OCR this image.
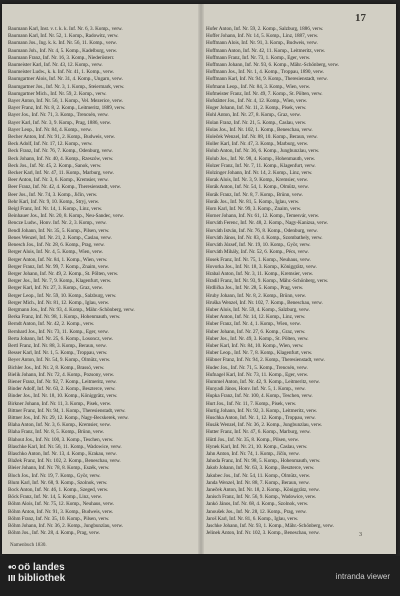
17
Baumann Karl, Inst. v. t. k. k. Inf. Nr. 6, 3. Komp., verw.
Baumann Karl, Inf. Nr. 52, 1. Komp., Radowitz, verw.
Baumann Jos., Ing. k. k. Inf. Nr. 56, 11. Komp., verw.
Baumann Joh., Inf. Nr. 4, 5. Komp., Kadelburg, verw.
Baumann Franz, Inf. Nr. 16, 3. Komp., Niederösterr.
Baumeister Karl, Inf. Nr. 43, 12. Komp., verw.
Baumeister Ludw., k. k. Inf. Nr. 41, 1. Komp., verw.
Baumgartner Alois, Inf. Nr. 31, 4. Komp., Ungarn, verw.
Baumgartner Jos., Inf. Nr. 3, 1. Komp., Steiermark, verw.
Baumgartner Mich., Inf. Nr. 59, 2. Komp., verw.
Bayer Anton, Inf. Nr. 56, 1. Komp., Vel. Mezerice, verw.
Bayer Franz, Inf. Nr. 8, 2. Komp., Leitmeritz, 1889, verw.
Bayer Jos., Inf. Nr. 71, 3. Komp., Trencsén, verw.
Bayer Karl, Inf. Nr. 3, 9. Komp., Prag, 1886, verw.
Bayer Leop., Inf. Nr. 84, 4. Komp., verw.
Becher Anton, Inf. Nr. 91, 2. Komp., Budweis, verw.
Beck Adolf, Inf. Nr. 17, 12. Komp., verw.
Beck Franz, Inf. Nr. 76, 7. Komp., Ödenburg, verw.
Beck Johann, Inf. Nr. 40, 4. Komp., Rzeszów, verw.
Beck Jos., Inf. Nr. 45, 2. Komp., Sanok, verw.
Becker Karl, Inf. Nr. 47, 11. Komp., Marburg, verw.
Beer Anton, Inf. Nr. 3, 6. Komp., Kremsier, verw.
Beer Franz, Inf. Nr. 42, 4. Komp., Theresienstadt, verw.
Beer Jos., Inf. Nr. 74, 3. Komp., Jičín, verw.
Behr Karl, Inf. Nr. 9, 10. Komp., Stryj, verw.
Beigl Franz, Inf. Nr. 14, 1. Komp., Linz, verw.
Beinhauer Jos., Inf. Nr. 20, 8. Komp., Neu-Sandec, verw.
Bencze Ludw., Honv. Inf. Nr. 2, 3. Komp., verw.
Bendl Johann, Inf. Nr. 35, 5. Komp., Pilsen, verw.
Benes Wenzel, Inf. Nr. 21, 2. Komp., Časlau, verw.
Benesch Jos., Inf. Nr. 28, 6. Komp., Prag, verw.
Berger Alois, Inf. Nr. 4, 5. Komp., Wien, verw.
Berger Anton, Inf. Nr. 84, 1. Komp., Wien, verw.
Berger Franz, Inf. Nr. 99, 7. Komp., Znaim, verw.
Berger Johann, Inf. Nr. 49, 2. Komp., St. Pölten, verw.
Berger Jos., Inf. Nr. 7, 9. Komp., Klagenfurt, verw.
Berger Karl, Inf. Nr. 27, 3. Komp., Graz, verw.
Berger Leop., Inf. Nr. 59, 10. Komp., Salzburg, verw.
Berger Mich., Inf. Nr. 81, 12. Komp., Iglau, verw.
Bergmann Jos., Inf. Nr. 93, 4. Komp., Mähr.-Schönberg, verw.
Berka Franz, Inf. Nr. 98, 1. Komp., Hohenmauth, verw.
Berndt Anton, Inf. Nr. 42, 2. Komp., verw.
Bernhard Jos., Inf. Nr. 73, 11. Komp., Eger, verw.
Berta Johann, Inf. Nr. 25, 6. Komp., Losoncz, verw.
Bertl Franz, Inf. Nr. 88, 3. Komp., Beraun, verw.
Besser Karl, Inf. Nr. 1, 5. Komp., Troppau, verw.
Beyer Anton, Inf. Nr. 54, 9. Komp., Olmütz, verw.
Bichler Jos., Inf. Nr. 2, 8. Komp., Brassó, verw.
Bielik Johann, Inf. Nr. 72, 4. Komp., Pozsony, verw.
Biener Franz, Inf. Nr. 92, 7. Komp., Leitmeritz, verw.
Binder Adolf, Inf. Nr. 63, 2. Komp., Beszterce, verw.
Binder Jos., Inf. Nr. 18, 10. Komp., Königgrätz, verw.
Birkner Johann, Inf. Nr. 11, 3. Komp., Pisek, verw.
Bittner Franz, Inf. Nr. 94, 1. Komp., Theresienstadt, verw.
Bittner Jos., Inf. Nr. 29, 12. Komp., Nagy-Becskerek, verw.
Blaha Anton, Inf. Nr. 3, 6. Komp., Kremsier, verw.
Blaha Franz, Inf. Nr. 8, 5. Komp., Brünn, verw.
Blahout Jos., Inf. Nr. 100, 3. Komp., Teschen, verw.
Blaschke Karl, Inf. Nr. 56, 11. Komp., Wadowice, verw.
Blaschko Anton, Inf. Nr. 13, 4. Komp., Krakau, verw.
Blažek Franz, Inf. Nr. 102, 2. Komp., Beneschau, verw.
Bleier Johann, Inf. Nr. 78, 8. Komp., Eszék, verw.
Bloch Jos., Inf. Nr. 19, 7. Komp., Györ, verw.
Blum Karl, Inf. Nr. 68, 9. Komp., Szolnok, verw.
Bock Anton, Inf. Nr. 46, 1. Komp., Szeged, verw.
Böck Franz, Inf. Nr. 14, 5. Komp., Linz, verw.
Böhm Alois, Inf. Nr. 75, 12. Komp., Neuhaus, verw.
Böhm Anton, Inf. Nr. 91, 3. Komp., Budweis, verw.
Böhm Franz, Inf. Nr. 35, 10. Komp., Pilsen, verw.
Böhm Johann, Inf. Nr. 36, 2. Komp., Jungbunzlau, verw.
Böhm Jos., Inf. Nr. 28, 4. Komp., Prag, verw.
Hofer Anton, Inf. Nr. 59, 2. Komp., Salzburg, 1886, verw.
Hoffer Johann, Inf. Nr. 14, 5. Komp., Linz, 1887, verw.
Hoffmann Alois, Inf. Nr. 91, 3. Komp., Budweis, verw.
Hoffmann Anton, Inf. Nr. 42, 11. Komp., Leitmeritz, verw.
Hoffmann Franz, Inf. Nr. 73, 1. Komp., Eger, verw.
Hoffmann Johann, Inf. Nr. 93, 6. Komp., Mähr.-Schönberg, verw.
Hoffmann Jos., Inf. Nr. 1, 4. Komp., Troppau, 1890, verw.
Hoffmann Karl, Inf. Nr. 94, 9. Komp., Theresienstadt, verw.
Hofmann Leop., Inf. Nr. 84, 3. Komp., Wien, verw.
Hofmeister Franz, Inf. Nr. 49, 7. Komp., St. Pölten, verw.
Hofstätter Jos., Inf. Nr. 4, 12. Komp., Wien, verw.
Hoger Johann, Inf. Nr. 11, 2. Komp., Pisek, verw.
Hohl Anton, Inf. Nr. 27, 8. Komp., Graz, verw.
Holan Franz, Inf. Nr. 21, 5. Komp., Časlau, verw.
Holas Jos., Inf. Nr. 102, 1. Komp., Beneschau, verw.
Holeček Wenzel, Inf. Nr. 88, 10. Komp., Beraun, verw.
Holler Karl, Inf. Nr. 47, 3. Komp., Marburg, verw.
Holub Anton, Inf. Nr. 36, 6. Komp., Jungbunzlau, verw.
Holub Jos., Inf. Nr. 98, 4. Komp., Hohenmauth, verw.
Holzer Franz, Inf. Nr. 7, 11. Komp., Klagenfurt, verw.
Holzinger Johann, Inf. Nr. 14, 2. Komp., Linz, verw.
Horak Alois, Inf. Nr. 3, 9. Komp., Kremsier, verw.
Horák Anton, Inf. Nr. 54, 1. Komp., Olmütz, verw.
Horák Franz, Inf. Nr. 8, 7. Komp., Brünn, verw.
Horák Jos., Inf. Nr. 81, 5. Komp., Iglau, verw.
Horn Karl, Inf. Nr. 99, 3. Komp., Znaim, verw.
Horner Johann, Inf. Nr. 61, 12. Komp., Temesvár, verw.
Horváth Ferenc, Inf. Nr. 48, 2. Komp., Nagy-Kanizsa, verw.
Horváth István, Inf. Nr. 76, 8. Komp., Ödenburg, verw.
Horváth János, Inf. Nr. 83, 4. Komp., Szombathely, verw.
Horváth József, Inf. Nr. 19, 10. Komp., Györ, verw.
Horváth Mihály, Inf. Nr. 52, 6. Komp., Pécs, verw.
Hosek Franz, Inf. Nr. 75, 1. Komp., Neuhaus, verw.
Hovorka Jos., Inf. Nr. 18, 3. Komp., Königgrätz, verw.
Hrabal Anton, Inf. Nr. 3, 11. Komp., Kremsier, verw.
Hradil Franz, Inf. Nr. 93, 9. Komp., Mähr.-Schönberg, verw.
Hrdlička Jos., Inf. Nr. 28, 5. Komp., Prag, verw.
Hruby Johann, Inf. Nr. 8, 2. Komp., Brünn, verw.
Hruška Wenzel, Inf. Nr. 102, 7. Komp., Beneschau, verw.
Huber Alois, Inf. Nr. 59, 4. Komp., Salzburg, verw.
Huber Anton, Inf. Nr. 14, 12. Komp., Linz, verw.
Huber Franz, Inf. Nr. 4, 1. Komp., Wien, verw.
Huber Johann, Inf. Nr. 27, 6. Komp., Graz, verw.
Huber Jos., Inf. Nr. 49, 3. Komp., St. Pölten, verw.
Huber Karl, Inf. Nr. 84, 10. Komp., Wien, verw.
Huber Leop., Inf. Nr. 7, 8. Komp., Klagenfurt, verw.
Hübner Franz, Inf. Nr. 94, 2. Komp., Theresienstadt, verw.
Hudec Jos., Inf. Nr. 71, 5. Komp., Trencsén, verw.
Hufnagel Karl, Inf. Nr. 73, 11. Komp., Eger, verw.
Hummel Anton, Inf. Nr. 42, 9. Komp., Leitmeritz, verw.
Hunyadi János, Honv. Inf. Nr. 5, 1. Komp., verw.
Hupka Franz, Inf. Nr. 100, 4. Komp., Teschen, verw.
Hurt Jos., Inf. Nr. 11, 7. Komp., Pisek, verw.
Hurtig Johann, Inf. Nr. 92, 3. Komp., Leitmeritz, verw.
Huschka Anton, Inf. Nr. 1, 12. Komp., Troppau, verw.
Husák Wenzel, Inf. Nr. 36, 2. Komp., Jungbunzlau, verw.
Hutter Franz, Inf. Nr. 47, 6. Komp., Marburg, verw.
Hüttl Jos., Inf. Nr. 35, 8. Komp., Pilsen, verw.
Hynek Karl, Inf. Nr. 21, 10. Komp., Časlau, verw.
Jahn Anton, Inf. Nr. 74, 1. Komp., Jičín, verw.
Jahoda Franz, Inf. Nr. 98, 5. Komp., Hohenmauth, verw.
Jakob Johann, Inf. Nr. 63, 3. Komp., Beszterce, verw.
Jakubec Jos., Inf. Nr. 54, 11. Komp., Olmütz, verw.
Janda Wenzel, Inf. Nr. 88, 7. Komp., Beraun, verw.
Janeček Anton, Inf. Nr. 18, 2. Komp., Königgrätz, verw.
Janisch Franz, Inf. Nr. 56, 9. Komp., Wadowice, verw.
Jankó János, Inf. Nr. 68, 4. Komp., Szolnok, verw.
Janoušek Jos., Inf. Nr. 28, 12. Komp., Prag, verw.
Jaroš Karl, Inf. Nr. 81, 6. Komp., Iglau, verw.
Jaschke Johann, Inf. Nr. 93, 1. Komp., Mähr.-Schönberg, verw.
Jelinek Anton, Inf. Nr. 102, 3. Komp., Beneschau, verw.	3
Namenbuch 1830.
oö landes
bibliothek	intranda viewer
